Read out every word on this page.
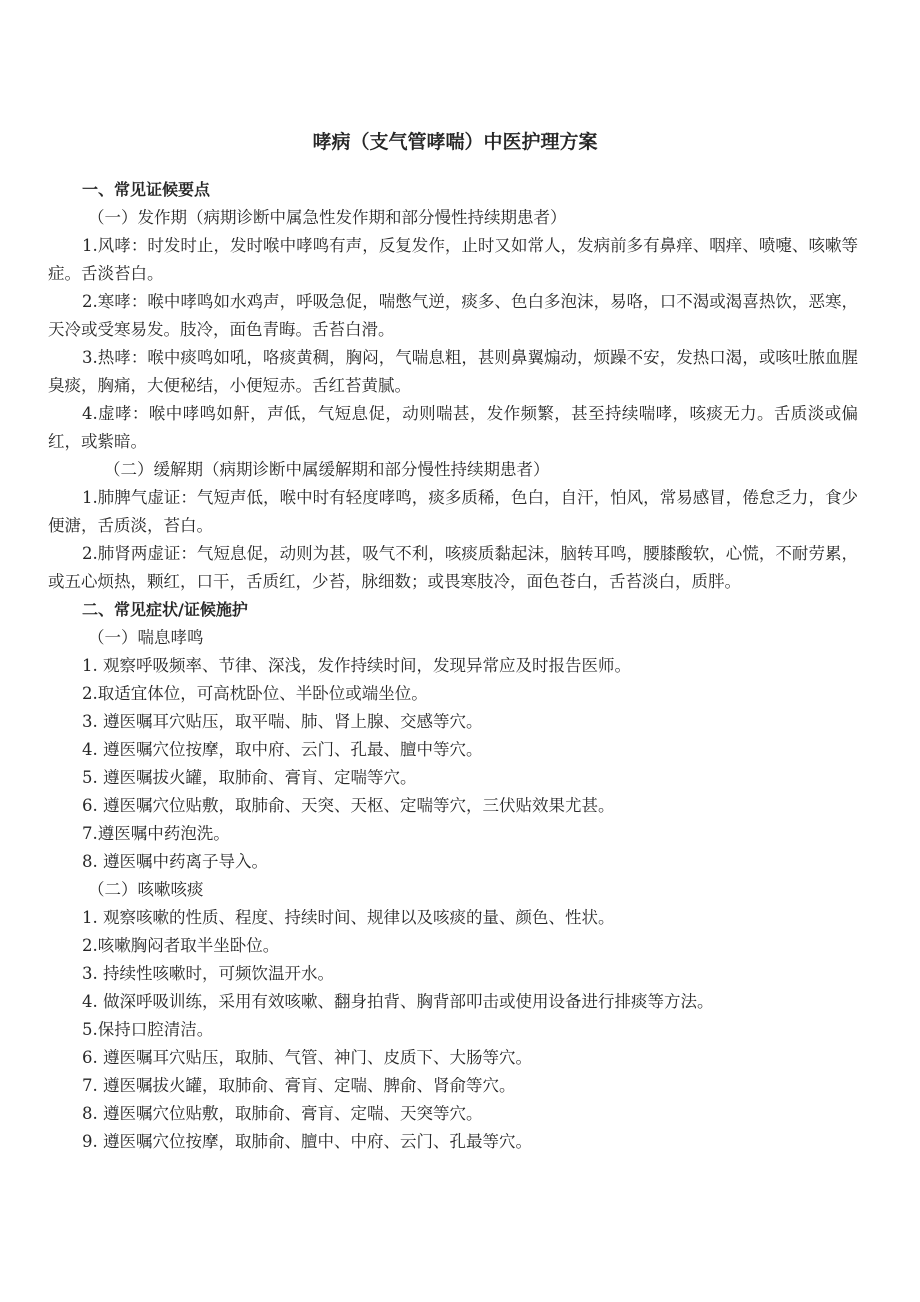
哮病（支气管哮喘）中医护理方案
一、常见证候要点

（一）发作期（病期诊断中属急性发作期和部分慢性持续期患者）

1.风哮：时发时止，发时喉中哮鸣有声，反复发作，止时又如常人，发病前多有鼻痒、咽痒、喷嚏、咳嗽等症。舌淡苔白。

2.寒哮：喉中哮鸣如水鸡声，呼吸急促，喘憋气逆，痰多、色白多泡沫，易咯，口不渴或渴喜热饮，恶寒，天冷或受寒易发。肢冷，面色青晦。舌苔白滑。

3.热哮：喉中痰鸣如吼，咯痰黄稠，胸闷，气喘息粗，甚则鼻翼煽动，烦躁不安，发热口渴，或咳吐脓血腥臭痰，胸痛，大便秘结，小便短赤。舌红苔黄腻。

4.虚哮：喉中哮鸣如鼾，声低，气短息促，动则喘甚，发作频繁，甚至持续喘哮，咳痰无力。舌质淡或偏红，或紫暗。

（二）缓解期（病期诊断中属缓解期和部分慢性持续期患者）

1.肺脾气虚证：气短声低，喉中时有轻度哮鸣，痰多质稀，色白，自汗，怕风，常易感冒，倦怠乏力，食少便溏，舌质淡，苔白。

2.肺肾两虚证：气短息促，动则为甚，吸气不利，咳痰质黏起沫，脑转耳鸣，腰膝酸软，心慌，不耐劳累，或五心烦热，颗红，口干，舌质红，少苔，脉细数；或畏寒肢冷，面色苍白，舌苔淡白，质胖。

二、常见症状/证候施护

（一）喘息哮鸣

1. 观察呼吸频率、节律、深浅，发作持续时间，发现异常应及时报告医师。

2.取适宜体位，可高枕卧位、半卧位或端坐位。

3. 遵医嘱耳穴贴压，取平喘、肺、肾上腺、交感等穴。

4. 遵医嘱穴位按摩，取中府、云门、孔最、膻中等穴。

5. 遵医嘱拔火罐，取肺俞、膏肓、定喘等穴。

6. 遵医嘱穴位贴敷，取肺俞、天突、天枢、定喘等穴，三伏贴效果尤甚。

7.遵医嘱中药泡洗。

8. 遵医嘱中药离子导入。

（二）咳嗽咳痰

1. 观察咳嗽的性质、程度、持续时间、规律以及咳痰的量、颜色、性状。

2.咳嗽胸闷者取半坐卧位。

3. 持续性咳嗽时，可频饮温开水。

4. 做深呼吸训练，采用有效咳嗽、翻身拍背、胸背部叩击或使用设备进行排痰等方法。

5.保持口腔清洁。

6. 遵医嘱耳穴贴压，取肺、气管、神门、皮质下、大肠等穴。

7. 遵医嘱拔火罐，取肺俞、膏肓、定喘、脾俞、肾俞等穴。

8. 遵医嘱穴位贴敷，取肺俞、膏肓、定喘、天突等穴。

9. 遵医嘱穴位按摩，取肺俞、膻中、中府、云门、孔最等穴。
